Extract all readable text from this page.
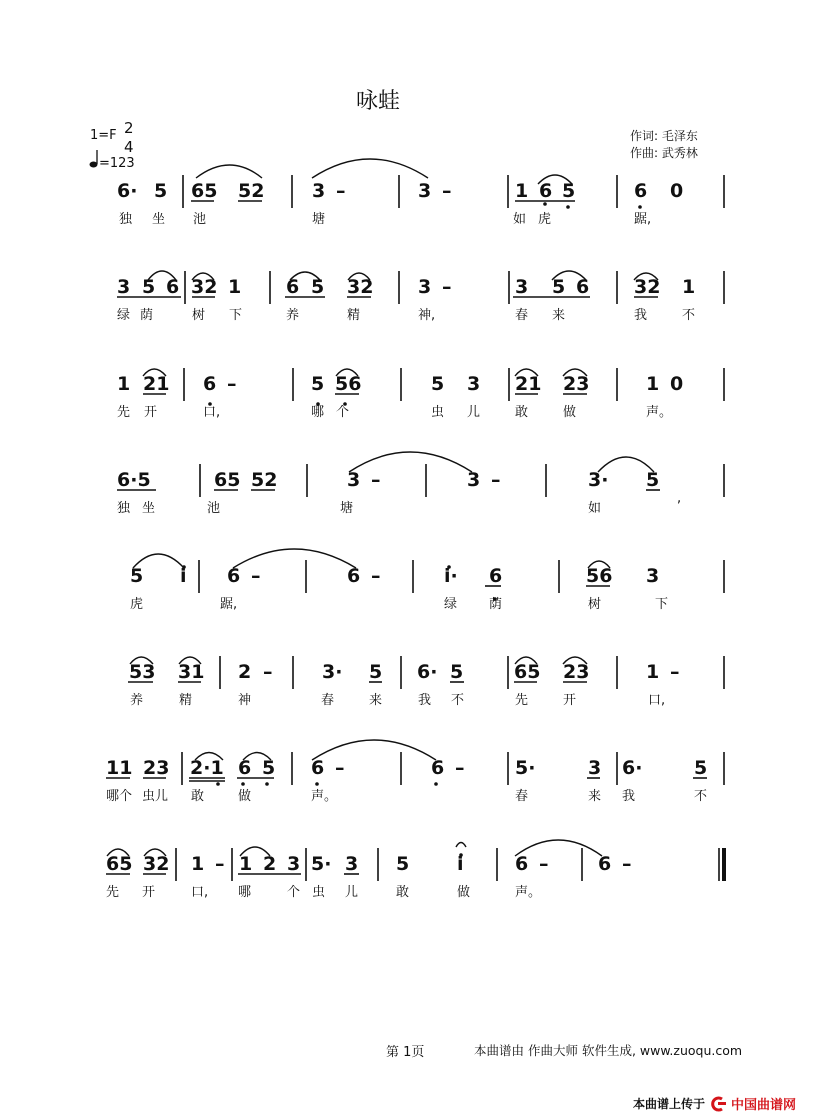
咏蛙
1=F 2
4
=123
作词: 毛泽东
作曲: 武秀林
6· 5 65 52	3 –	3 –	1 6 5	6 0
独 坐 池	塘	如 虎	踞,
3 5 6 32 1 6 5 32 3 –	3 5 6 32 1
绿 荫	树 下	养	精	神,	春 来	我	不
1 21 6 –	5 56	5 3 21 23	1 0
先 开	口,	哪 个	虫 儿	敢	做	声。
6·5	65 52	3 –	3 –	3· 5
独 坐	池	塘	如
,
5 i 6 –	6 –	i· 6	56 3
虎	踞,	绿 荫	树	下
53 31 2 –	3· 5 6· 5	65 23	1 –
养	精	神	春	来	我 不	先	开	口,
11 23 2·1 6 5 6 –	6 –	5·	3 6·	5
哪个 虫儿 敢	做	声。	春	来 我	不
65 32 1 – 1 2 3 5· 3 5	i	6 –	6 –
先 开	口, 哪	个 虫 儿	敢	做	声。
第 1页	本曲谱由 作曲大师 软件生成, www.zuoqu.com
本曲谱上传于 中国曲谱网
